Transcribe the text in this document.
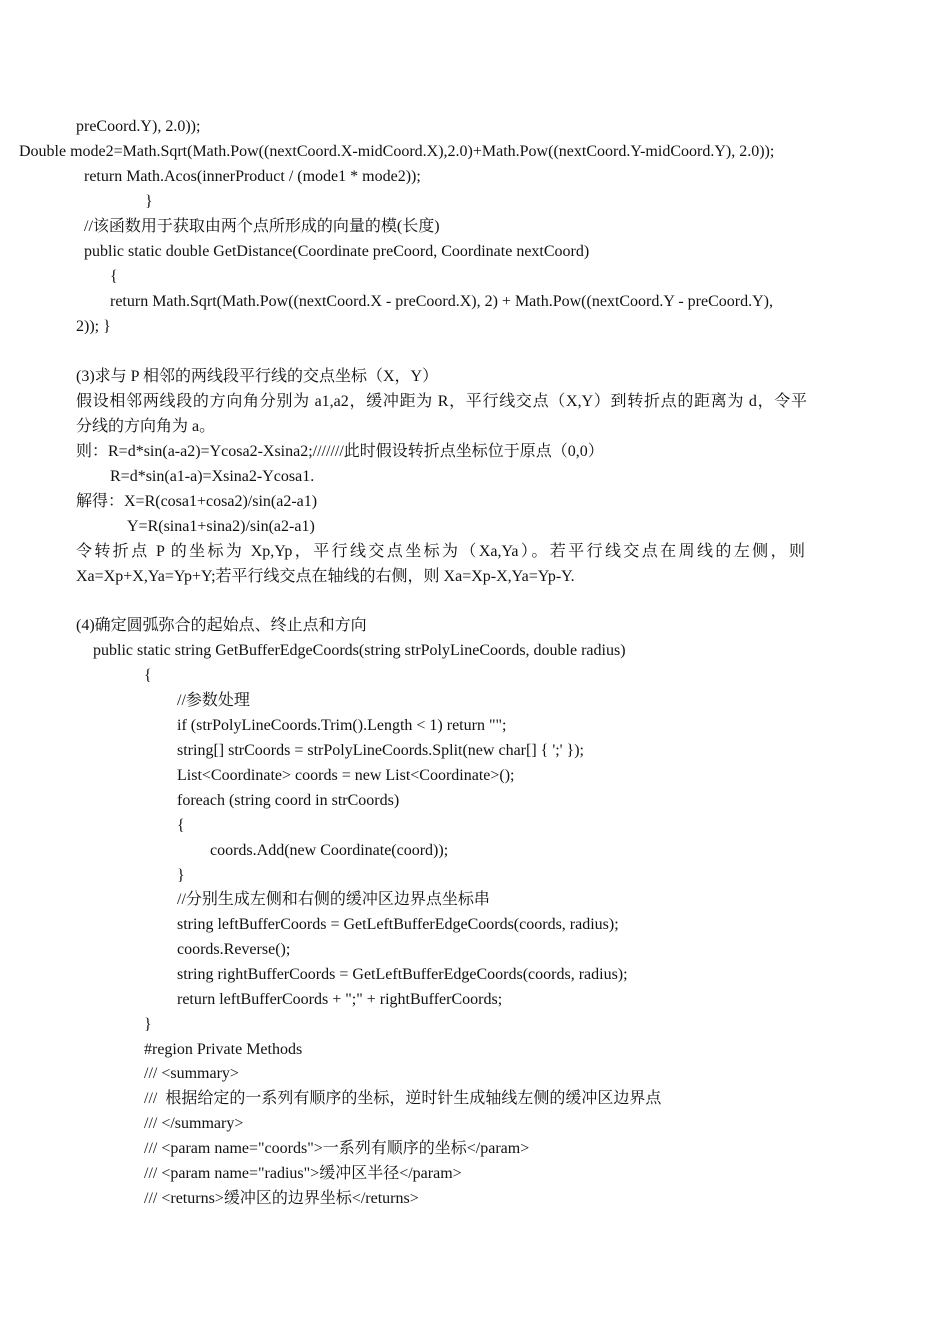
preCoord.Y), 2.0));
Double mode2=Math.Sqrt(Math.Pow((nextCoord.X-midCoord.X),2.0)+Math.Pow((nextCoord.Y-midCoord.Y), 2.0));
return Math.Acos(innerProduct / (mode1 * mode2));
}
//该函数用于获取由两个点所形成的向量的模(长度)
public static double GetDistance(Coordinate preCoord, Coordinate nextCoord)
{
return Math.Sqrt(Math.Pow((nextCoord.X - preCoord.X), 2) + Math.Pow((nextCoord.Y - preCoord.Y),
2)); }
(3)求与 P 相邻的两线段平行线的交点坐标（X，Y）
假设相邻两线段的方向角分别为 a1,a2，缓冲距为 R，平行线交点（X,Y）到转折点的距离为 d，令平
分线的方向角为 a。
则：R=d*sin(a-a2)=Ycosa2-Xsina2;///////此时假设转折点坐标位于原点（0,0）
R=d*sin(a1-a)=Xsina2-Ycosa1.
解得：X=R(cosa1+cosa2)/sin(a2-a1)
Y=R(sina1+sina2)/sin(a2-a1)
令转折点 P 的坐标为 Xp,Yp，平行线交点坐标为（Xa,Ya）。若平行线交点在周线的左侧，则
Xa=Xp+X,Ya=Yp+Y;若平行线交点在轴线的右侧，则 Xa=Xp-X,Ya=Yp-Y.
(4)确定圆弧弥合的起始点、终止点和方向
public static string GetBufferEdgeCoords(string strPolyLineCoords, double radius)
{
//参数处理
if (strPolyLineCoords.Trim().Length < 1) return "";
string[] strCoords = strPolyLineCoords.Split(new char[] { ';' });
List<Coordinate> coords = new List<Coordinate>();
foreach (string coord in strCoords)
{
coords.Add(new Coordinate(coord));
}
//分别生成左侧和右侧的缓冲区边界点坐标串
string leftBufferCoords = GetLeftBufferEdgeCoords(coords, radius);
coords.Reverse();
string rightBufferCoords = GetLeftBufferEdgeCoords(coords, radius);
return leftBufferCoords + ";" + rightBufferCoords;
}
#region Private Methods
/// <summary>
///  根据给定的一系列有顺序的坐标，逆时针生成轴线左侧的缓冲区边界点
/// </summary>
/// <param name="coords">一系列有顺序的坐标</param>
/// <param name="radius">缓冲区半径</param>
/// <returns>缓冲区的边界坐标</returns>
